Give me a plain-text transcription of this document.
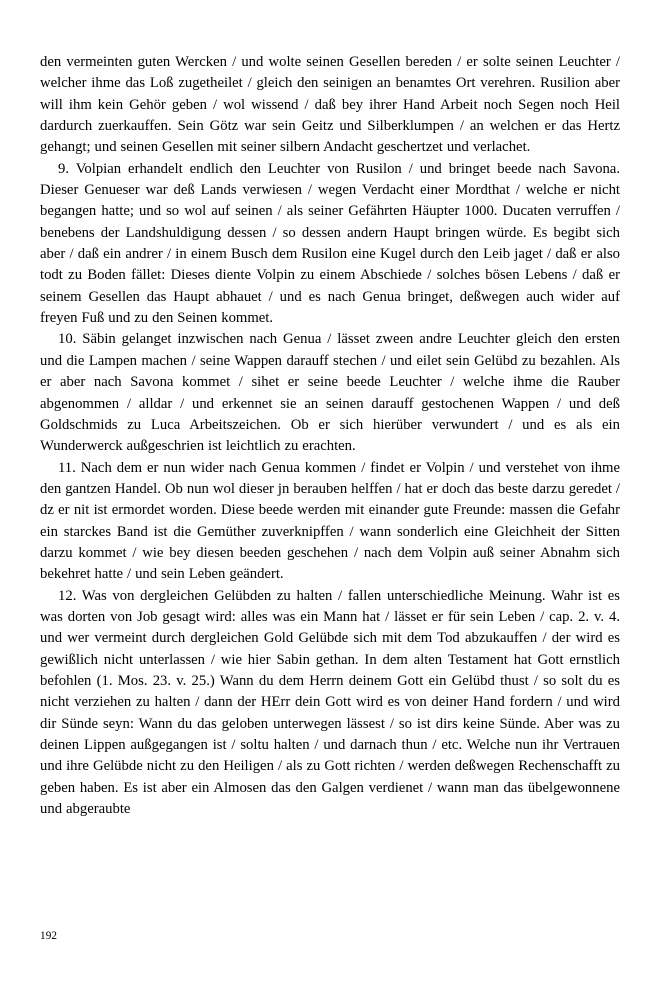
den vermeinten guten Wercken / und wolte seinen Gesellen bereden / er solte seinen Leuchter / welcher ihme das Loß zugetheilet / gleich den seinigen an benamtes Ort verehren. Rusilion aber will ihm kein Gehör geben / wol wissend / daß bey ihrer Hand Arbeit noch Segen noch Heil dardurch zuerkauffen. Sein Götz war sein Geitz und Silberklumpen / an welchen er das Hertz gehangt; und seinen Gesellen mit seiner silbern Andacht geschertzet und verlachet.

9. Volpian erhandelt endlich den Leuchter von Rusilon / und bringet beede nach Savona. Dieser Genueser war deß Lands verwiesen / wegen Verdacht einer Mordthat / welche er nicht begangen hatte; und so wol auf seinen / als seiner Gefährten Häupter 1000. Ducaten verruffen / benebens der Landshuldigung dessen / so dessen andern Haupt bringen würde. Es begibt sich aber / daß ein andrer / in einem Busch dem Rusilon eine Kugel durch den Leib jaget / daß er also todt zu Boden fället: Dieses diente Volpin zu einem Abschiede / solches bösen Lebens / daß er seinem Gesellen das Haupt abhauet / und es nach Genua bringet, deßwegen auch wider auf freyen Fuß und zu den Seinen kommet.

10. Säbin gelanget inzwischen nach Genua / lässet zween andre Leuchter gleich den ersten und die Lampen machen / seine Wappen darauff stechen / und eilet sein Gelübd zu bezahlen. Als er aber nach Savona kommet / sihet er seine beede Leuchter / welche ihme die Rauber abgenommen / alldar / und erkennet sie an seinen darauff gestochenen Wappen / und deß Goldschmids zu Luca Arbeitszeichen. Ob er sich hierüber verwundert / und es als ein Wunderwerck außgeschrien ist leichtlich zu erachten.

11. Nach dem er nun wider nach Genua kommen / findet er Volpin / und verstehet von ihme den gantzen Handel. Ob nun wol dieser jn berauben helffen / hat er doch das beste darzu geredet / dz er nit ist ermordet worden. Diese beede werden mit einander gute Freunde: massen die Gefahr ein starckes Band ist die Gemüther zuverknipffen / wann sonderlich eine Gleichheit der Sitten darzu kommet / wie bey diesen beeden geschehen / nach dem Volpin auß seiner Abnahm sich bekehret hatte / und sein Leben geändert.

12. Was von dergleichen Gelübden zu halten / fallen unterschiedliche Meinung. Wahr ist es was dorten von Job gesagt wird: alles was ein Mann hat / lässet er für sein Leben / cap. 2. v. 4. und wer vermeint durch dergleichen Gold Gelübde sich mit dem Tod abzukauffen / der wird es gewißlich nicht unterlassen / wie hier Sabin gethan. In dem alten Testament hat Gott ernstlich befohlen (1. Mos. 23. v. 25.) Wann du dem Herrn deinem Gott ein Gelübd thust / so solt du es nicht verziehen zu halten / dann der HErr dein Gott wird es von deiner Hand fordern / und wird dir Sünde seyn: Wann du das geloben unterwegen lässest / so ist dirs keine Sünde. Aber was zu deinen Lippen außgegangen ist / soltu halten / und darnach thun / etc. Welche nun ihr Vertrauen und ihre Gelübde nicht zu den Heiligen / als zu Gott richten / werden deßwegen Rechenschafft zu geben haben. Es ist aber ein Almosen das den Galgen verdienet / wann man das übelgewonnene und abgeraubte

192
